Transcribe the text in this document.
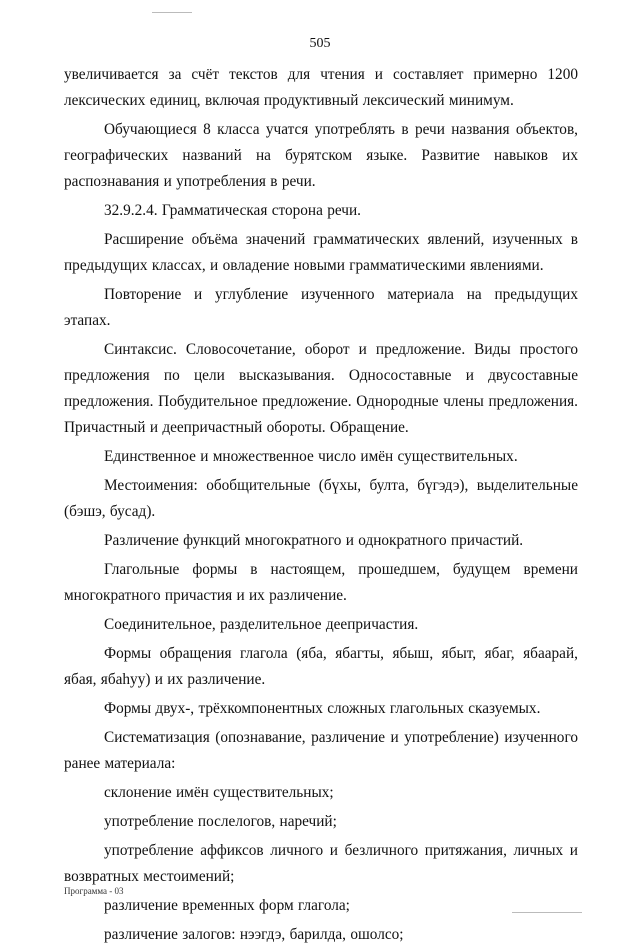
505

увеличивается за счёт текстов для чтения и составляет примерно 1200 лексических единиц, включая продуктивный лексический минимум.

Обучающиеся 8 класса учатся употреблять в речи названия объектов, географических названий на бурятском языке. Развитие навыков их распознавания и употребления в речи.

32.9.2.4. Грамматическая сторона речи.

Расширение объёма значений грамматических явлений, изученных в предыдущих классах, и овладение новыми грамматическими явлениями.

Повторение и углубление изученного материала на предыдущих этапах.

Синтаксис. Словосочетание, оборот и предложение. Виды простого предложения по цели высказывания. Односоставные и двусоставные предложения. Побудительное предложение. Однородные члены предложения. Причастный и деепричастный обороты. Обращение.

Единственное и множественное число имён существительных.

Местоимения: обобщительные (бүхы, булта, бүгэдэ), выделительные (бэшэ, бусад).

Различение функций многократного и однократного причастий.

Глагольные формы в настоящем, прошедшем, будущем времени многократного причастия и их различение.

Соединительное, разделительное деепричастия.

Формы обращения глагола (яба, ябагты, ябыш, ябыт, ябаг, ябаарай, ябая, ябаһуу) и их различение.

Формы двух-, трёхкомпонентных сложных глагольных сказуемых.

Систематизация (опознавание, различение и употребление) изученного ранее материала:

склонение имён существительных;

употребление послелогов, наречий;

употребление аффиксов личного и безличного притяжания, личных и возвратных местоимений;

различение временных форм глагола;

различение залогов: нээгдэ, барилда, ошолсо;

Программа - 03
